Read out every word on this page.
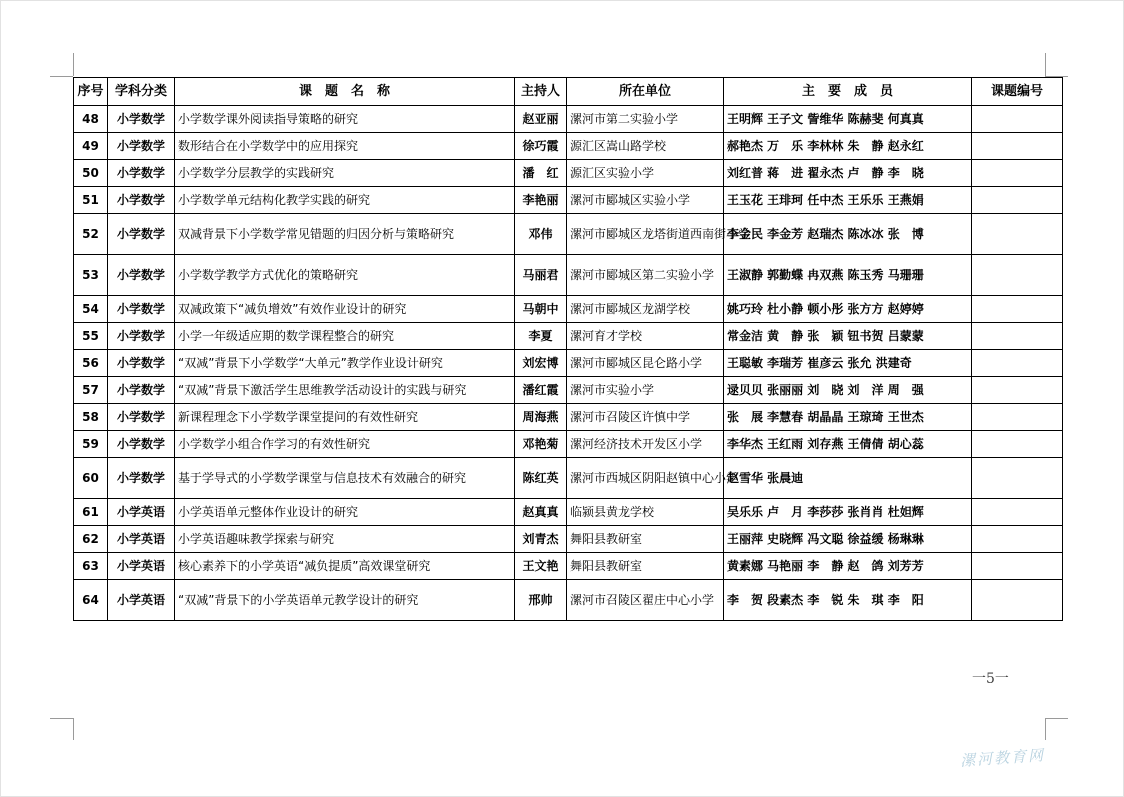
序号	学科分类	课　题　名　称	主持人	所在单位	主　要　成　员	课题编号
48	小学数学	小学数学课外阅读指导策略的研究	赵亚丽	漯河市第二实验小学	王明辉 王子文 訾维华 陈赫斐 何真真	
49	小学数学	数形结合在小学数学中的应用探究	徐巧霞	源汇区嵩山路学校	郝艳杰 万　乐 李林林 朱　静 赵永红	
50	小学数学	小学数学分层教学的实践研究	潘　红	源汇区实验小学	刘红普 蒋　进 翟永杰 卢　静 李　晓	
51	小学数学	小学数学单元结构化教学实践的研究	李艳丽	漯河市郾城区实验小学	王玉花 王琲珂 任中杰 王乐乐 王燕娟	
52	小学数学	双减背景下小学数学常见错题的归因分析与策略研究	邓伟	漯河市郾城区龙塔街道西南街小学	李金民 李金芳 赵瑞杰 陈冰冰 张　博	
53	小学数学	小学数学教学方式优化的策略研究	马丽君	漯河市郾城区第二实验小学	王淑静 郭勤蝶 冉双燕 陈玉秀 马珊珊	
54	小学数学	双减政策下“减负增效”有效作业设计的研究	马朝中	漯河市郾城区龙湖学校	姚巧玲 杜小静 顿小彤 张方方 赵婷婷	
55	小学数学	小学一年级适应期的数学课程整合的研究	李夏	漯河育才学校	常金洁 黄　静 张　颖 钮书贺 吕蒙蒙	
56	小学数学	“双减”背景下小学数学“大单元”教学作业设计研究	刘宏博	漯河市郾城区昆仑路小学	王聪敏 李瑞芳 崔彦云 张允 洪建奇	
57	小学数学	“双减”背景下激活学生思维教学活动设计的实践与研究	潘红霞	漯河市实验小学	逯贝贝 张丽丽 刘　晓 刘　洋 周　强	
58	小学数学	新课程理念下小学数学课堂提问的有效性研究	周海燕	漯河市召陵区许慎中学	张　展 李慧春 胡晶晶 王琼琦 王世杰	
59	小学数学	小学数学小组合作学习的有效性研究	邓艳菊	漯河经济技术开发区小学	李华杰 王红雨 刘存燕 王倩倩 胡心蕊	
60	小学数学	基于学导式的小学数学课堂与信息技术有效融合的研究	陈红英	漯河市西城区阴阳赵镇中心小学	赵雪华 张晨迪	
61	小学英语	小学英语单元整体作业设计的研究	赵真真	临颍县黄龙学校	吴乐乐 卢　月 李莎莎 张肖肖 杜妲辉	
62	小学英语	小学英语趣味教学探索与研究	刘青杰	舞阳县教研室	王丽萍 史晓辉 冯文聪 徐益缓 杨琳琳	
63	小学英语	核心素养下的小学英语“减负提质”高效课堂研究	王文艳	舞阳县教研室	黄素娜 马艳丽 李　静 赵　鸽 刘芳芳	
64	小学英语	“双减”背景下的小学英语单元教学设计的研究	邢帅	漯河市召陵区翟庄中心小学	李　贺 段素杰 李　锐 朱　琪 李　阳	
一5一
漯河教育网
